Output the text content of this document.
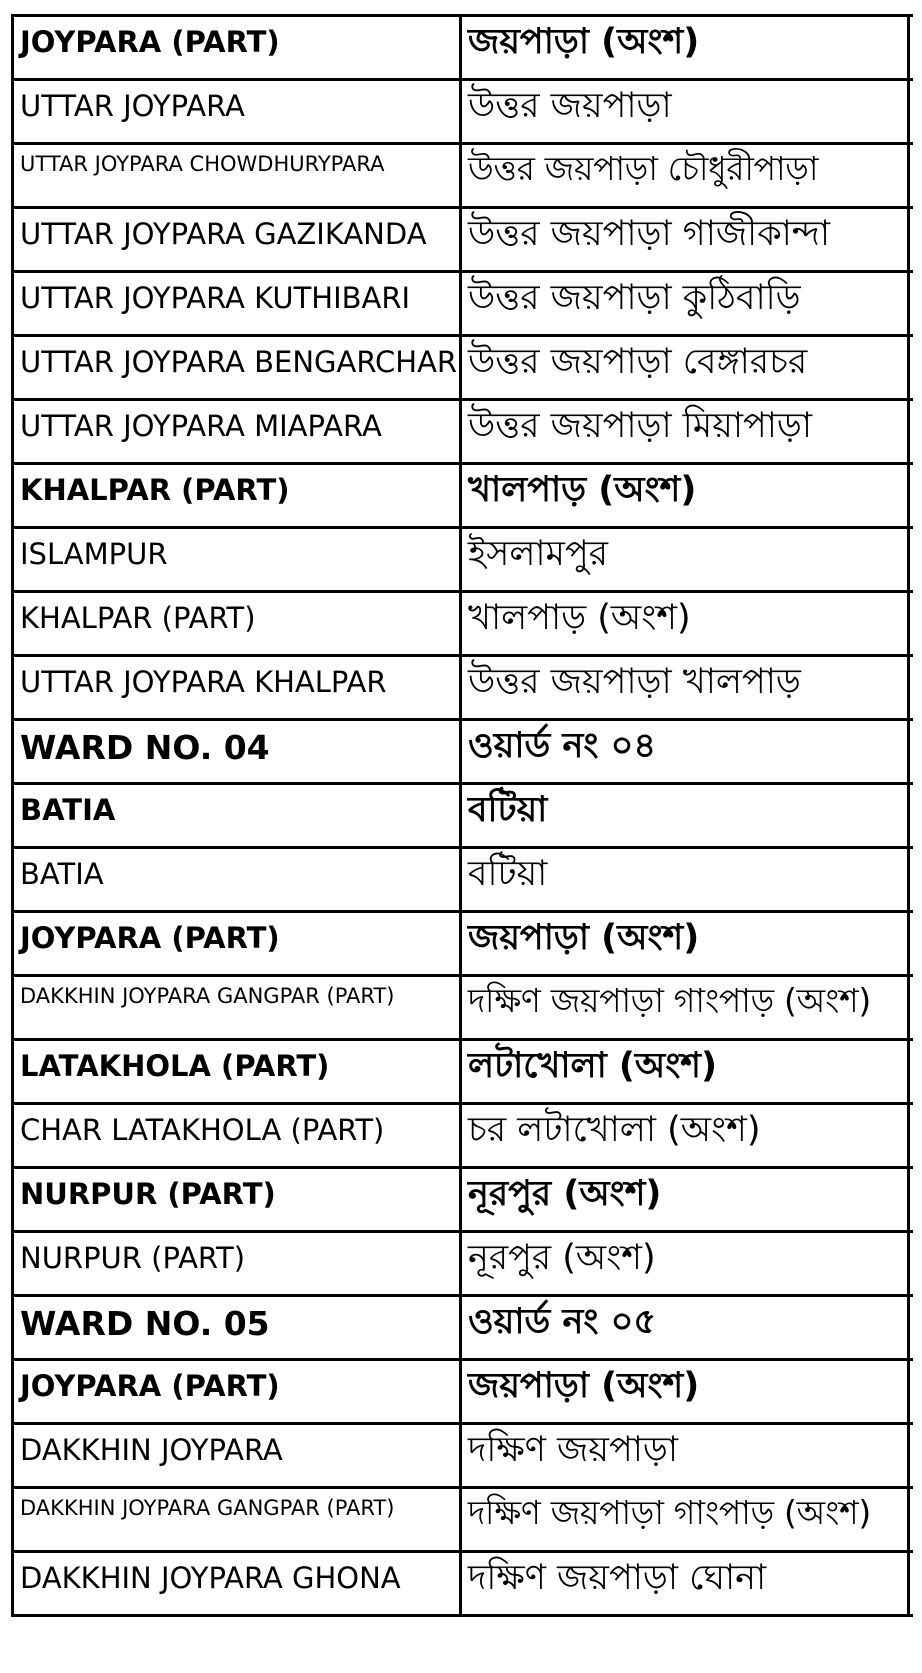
JOYPARA (PART)	জয়পাড়া (অংশ)
UTTAR JOYPARA	উত্তর জয়পাড়া
UTTAR JOYPARA CHOWDHURYPARA	উত্তর জয়পাড়া চৌধুরীপাড়া
UTTAR JOYPARA GAZIKANDA	উত্তর জয়পাড়া গাজীকান্দা
UTTAR JOYPARA KUTHIBARI	উত্তর জয়পাড়া কুঠিবাড়ি
UTTAR JOYPARA BENGARCHAR উত্তর জয়পাড়া বেঙ্গারচর
UTTAR JOYPARA MIAPARA	উত্তর জয়পাড়া মিয়াপাড়া
KHALPAR (PART)	খালপাড় (অংশ)
ISLAMPUR	ইসলামপুর
KHALPAR (PART)	খালপাড় (অংশ)
UTTAR JOYPARA KHALPAR	উত্তর জয়পাড়া খালপাড়
WARD NO. 04	ওয়ার্ড নং ০৪
BATIA	বটিয়া
BATIA	বটিয়া
JOYPARA (PART)	জয়পাড়া (অংশ)
DAKKHIN JOYPARA GANGPAR (PART)	দক্ষিণ জয়পাড়া গাংপাড় (অংশ)
LATAKHOLA (PART)	লটাখোলা (অংশ)
CHAR LATAKHOLA (PART)	চর লটাখোলা (অংশ)
NURPUR (PART)	নূরপুর (অংশ)
NURPUR (PART)	নূরপুর (অংশ)
WARD NO. 05	ওয়ার্ড নং ০৫
JOYPARA (PART)	জয়পাড়া (অংশ)
DAKKHIN JOYPARA	দক্ষিণ জয়পাড়া
DAKKHIN JOYPARA GANGPAR (PART)	দক্ষিণ জয়পাড়া গাংপাড় (অংশ)
DAKKHIN JOYPARA GHONA	দক্ষিণ জয়পাড়া ঘোনা
